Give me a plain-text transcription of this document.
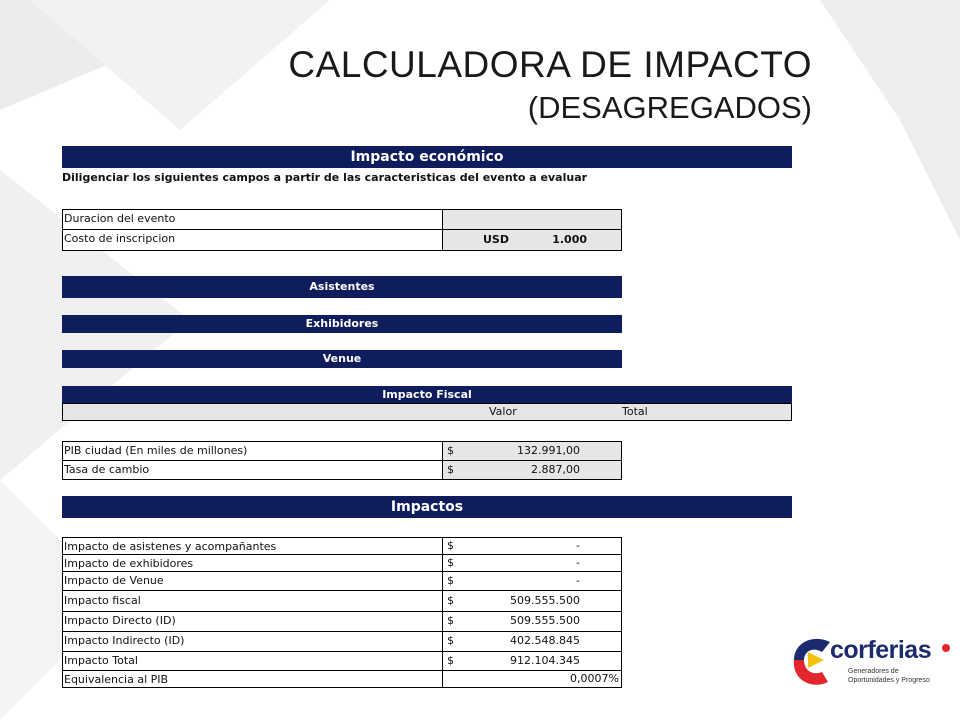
CALCULADORA DE IMPACTO
(DESAGREGADOS)
Impacto económico
Diligenciar los siguientes campos a partir de las caracteristicas del evento a evaluar
Duracion del evento
Costo de inscripcion	USD	1.000
Asistentes
Exhibidores
Venue
Impacto Fiscal
Valor	Total
PIB ciudad (En miles de millones)	$	132.991,00
Tasa de cambio	$	2.887,00
Impactos
Impacto de asistenes y acompañantes	$	-
Impacto de exhibidores	$	-
Impacto de Venue	$	-
Impacto fiscal	$	509.555.500
Impacto Directo (ID)	$	509.555.500
Impacto Indirecto (ID)	$	402.548.845
Impacto Total	$	912.104.345
Equivalencia al PIB	0,0007%
corferias
Generadores de
Oportunidades y Progreso
